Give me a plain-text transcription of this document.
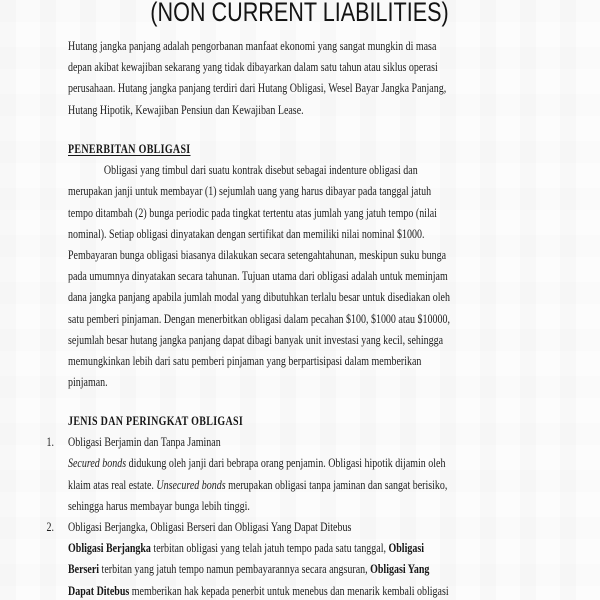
(NON CURRENT LIABILITIES)
Hutang jangka panjang adalah pengorbanan manfaat ekonomi yang sangat mungkin di masa
depan akibat kewajiban sekarang yang tidak dibayarkan dalam satu tahun atau siklus operasi
perusahaan. Hutang jangka panjang terdiri dari Hutang Obligasi, Wesel Bayar Jangka Panjang,
Hutang Hipotik, Kewajiban Pensiun dan Kewajiban Lease.
PENERBITAN OBLIGASI
Obligasi yang timbul dari suatu kontrak disebut sebagai indenture obligasi dan
merupakan janji untuk membayar (1) sejumlah uang yang harus dibayar pada tanggal jatuh
tempo ditambah (2) bunga periodic pada tingkat tertentu atas jumlah yang jatuh tempo (nilai
nominal). Setiap obligasi dinyatakan dengan sertifikat dan memiliki nilai nominal $1000.
Pembayaran bunga obligasi biasanya dilakukan secara setengahtahunan, meskipun suku bunga
pada umumnya dinyatakan secara tahunan. Tujuan utama dari obligasi adalah untuk meminjam
dana jangka panjang apabila jumlah modal yang dibutuhkan terlalu besar untuk disediakan oleh
satu pemberi pinjaman. Dengan menerbitkan obligasi dalam pecahan $100, $1000 atau $10000,
sejumlah besar hutang jangka panjang dapat dibagi banyak unit investasi yang kecil, sehingga
memungkinkan lebih dari satu pemberi pinjaman yang berpartisipasi dalam memberikan
pinjaman.
JENIS DAN PERINGKAT OBLIGASI
1. Obligasi Berjamin dan Tanpa Jaminan
Secured bonds didukung oleh janji dari bebrapa orang penjamin. Obligasi hipotik dijamin oleh
klaim atas real estate. Unsecured bonds merupakan obligasi tanpa jaminan dan sangat berisiko,
sehingga harus membayar bunga lebih tinggi.
2. Obligasi Berjangka, Obligasi Berseri dan Obligasi Yang Dapat Ditebus
Obligasi Berjangka terbitan obligasi yang telah jatuh tempo pada satu tanggal, Obligasi
Berseri terbitan yang jatuh tempo namun pembayarannya secara angsuran, Obligasi Yang
Dapat Ditebus memberikan hak kepada penerbit untuk menebus dan menarik kembali obligasi
